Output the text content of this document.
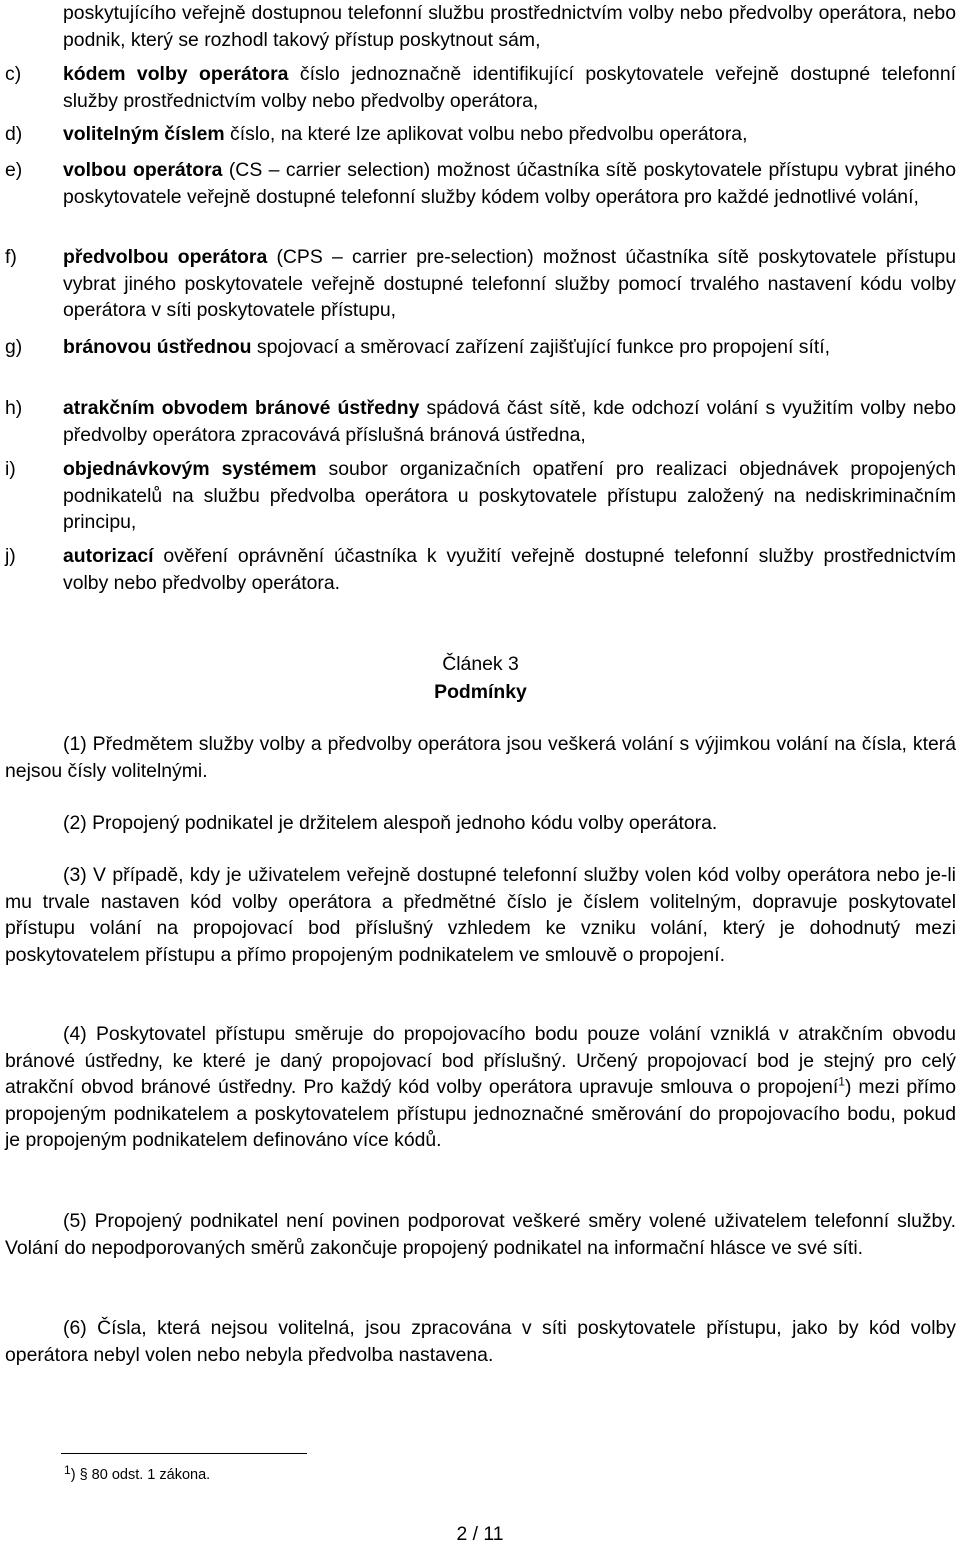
poskytujícího veřejně dostupnou telefonní službu prostřednictvím volby nebo předvolby operátora, nebo podnik, který se rozhodl takový přístup poskytnout sám,
c)	kódem volby operátora číslo jednoznačně identifikující poskytovatele veřejně dostupné telefonní služby prostřednictvím volby nebo předvolby operátora,
d)	volitelným číslem číslo, na které lze aplikovat volbu nebo předvolbu operátora,
e)	volbou operátora (CS – carrier selection) možnost účastníka sítě poskytovatele přístupu vybrat jiného poskytovatele veřejně dostupné telefonní služby kódem volby operátora pro každé jednotlivé volání,
f)	předvolbou operátora (CPS – carrier pre-selection) možnost účastníka sítě poskytovatele přístupu vybrat jiného poskytovatele veřejně dostupné telefonní služby pomocí trvalého nastavení kódu volby operátora v síti poskytovatele přístupu,
g)	bránovou ústřednou spojovací a směrovací zařízení zajišťující funkce pro propojení sítí,
h)	atrakčním obvodem bránové ústředny spádová část sítě, kde odchozí volání s využitím volby nebo předvolby operátora zpracovává příslušná bránová ústředna,
i)	objednávkovým systémem soubor organizačních opatření pro realizaci objednávek propojených podnikatelů na službu předvolba operátora u poskytovatele přístupu založený na nediskriminačním principu,
j)	autorizací ověření oprávnění účastníka k využití veřejně dostupné telefonní služby prostřednictvím volby nebo předvolby operátora.
Článek 3
Podmínky
(1) Předmětem služby volby a předvolby operátora jsou veškerá volání s výjimkou volání na čísla, která nejsou čísly volitelnými.
(2) Propojený podnikatel je držitelem alespoň jednoho kódu volby operátora.
(3) V případě, kdy je uživatelem veřejně dostupné telefonní služby volen kód volby operátora nebo je-li mu trvale nastaven kód volby operátora a předmětné číslo je číslem volitelným, dopravuje poskytovatel přístupu volání na propojovací bod příslušný vzhledem ke vzniku volání, který je dohodnutý mezi poskytovatelem přístupu a přímo propojeným podnikatelem ve smlouvě o propojení.
(4) Poskytovatel přístupu směruje do propojovacího bodu pouze volání vzniklá v atrakčním obvodu bránové ústředny, ke které je daný propojovací bod příslušný. Určený propojovací bod je stejný pro celý atrakční obvod bránové ústředny. Pro každý kód volby operátora upravuje smlouva o propojení$^1$) mezi přímo propojeným podnikatelem a poskytovatelem přístupu jednoznačné směrování do propojovacího bodu, pokud je propojeným podnikatelem definováno více kódů.
(5) Propojený podnikatel není povinen podporovat veškeré směry volené uživatelem telefonní služby. Volání do nepodporovaných směrů zakončuje propojený podnikatel na informační hlásce ve své síti.
(6) Čísla, která nejsou volitelná, jsou zpracována v síti poskytovatele přístupu, jako by kód volby operátora nebyl volen nebo nebyla předvolba nastavena.
$^1$) § 80 odst. 1 zákona.
2 / 11
